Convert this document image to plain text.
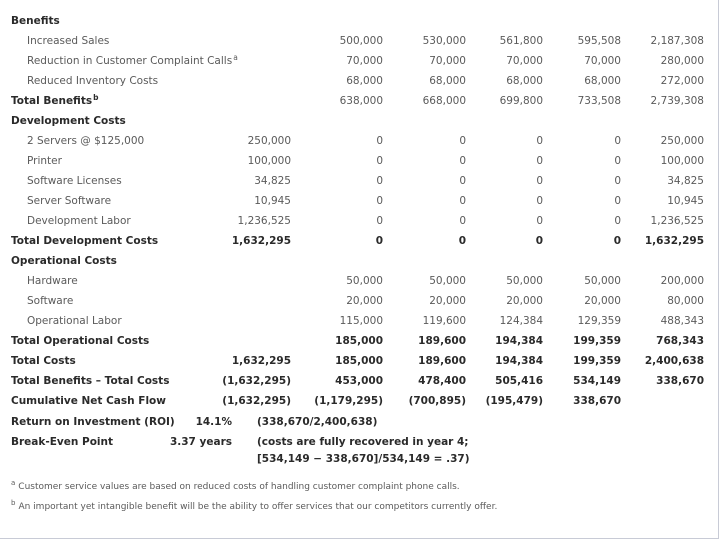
Benefits
Increased Sales	500,000	530,000	561,800	595,508	2,187,308
Reduction in Customer Complaint Calls$^a$	70,000	70,000	70,000	70,000	280,000
Reduced Inventory Costs	68,000	68,000	68,000	68,000	272,000
Total Benefits$^b$	638,000	668,000	699,800	733,508	2,739,308
Development Costs
2 Servers @ $125,000	250,000	0	0	0	0	250,000
Printer	100,000	0	0	0	0	100,000
Software Licenses	34,825	0	0	0	0	34,825
Server Software	10,945	0	0	0	0	10,945
Development Labor	1,236,525	0	0	0	0	1,236,525
Total Development Costs	1,632,295	0	0	0	0 1,632,295
Operational Costs
Hardware	50,000	50,000	50,000	50,000	200,000
Software	20,000	20,000	20,000	20,000	80,000
Operational Labor	115,000	119,600	124,384	129,359	488,343
Total Operational Costs	185,000	189,600	194,384	199,359	768,343
Total Costs	1,632,295	185,000	189,600	194,384	199,359 2,400,638
Total Benefits – Total Costs	(1,632,295)	453,000	478,400	505,416	534,149	338,670
Cumulative Net Cash Flow	(1,632,295) (1,179,295) (700,895) (195,479)	338,670
Return on Investment (ROI) 14.1% (338,670/2,400,638)
Break-Even Point	3.37 years (costs are fully recovered in year 4;
[534,149 − 338,670]/534,149 = .37)
$^a$ Customer service values are based on reduced costs of handling customer complaint phone calls.
$^b$ An important yet intangible benefit will be the ability to offer services that our competitors currently offer.
